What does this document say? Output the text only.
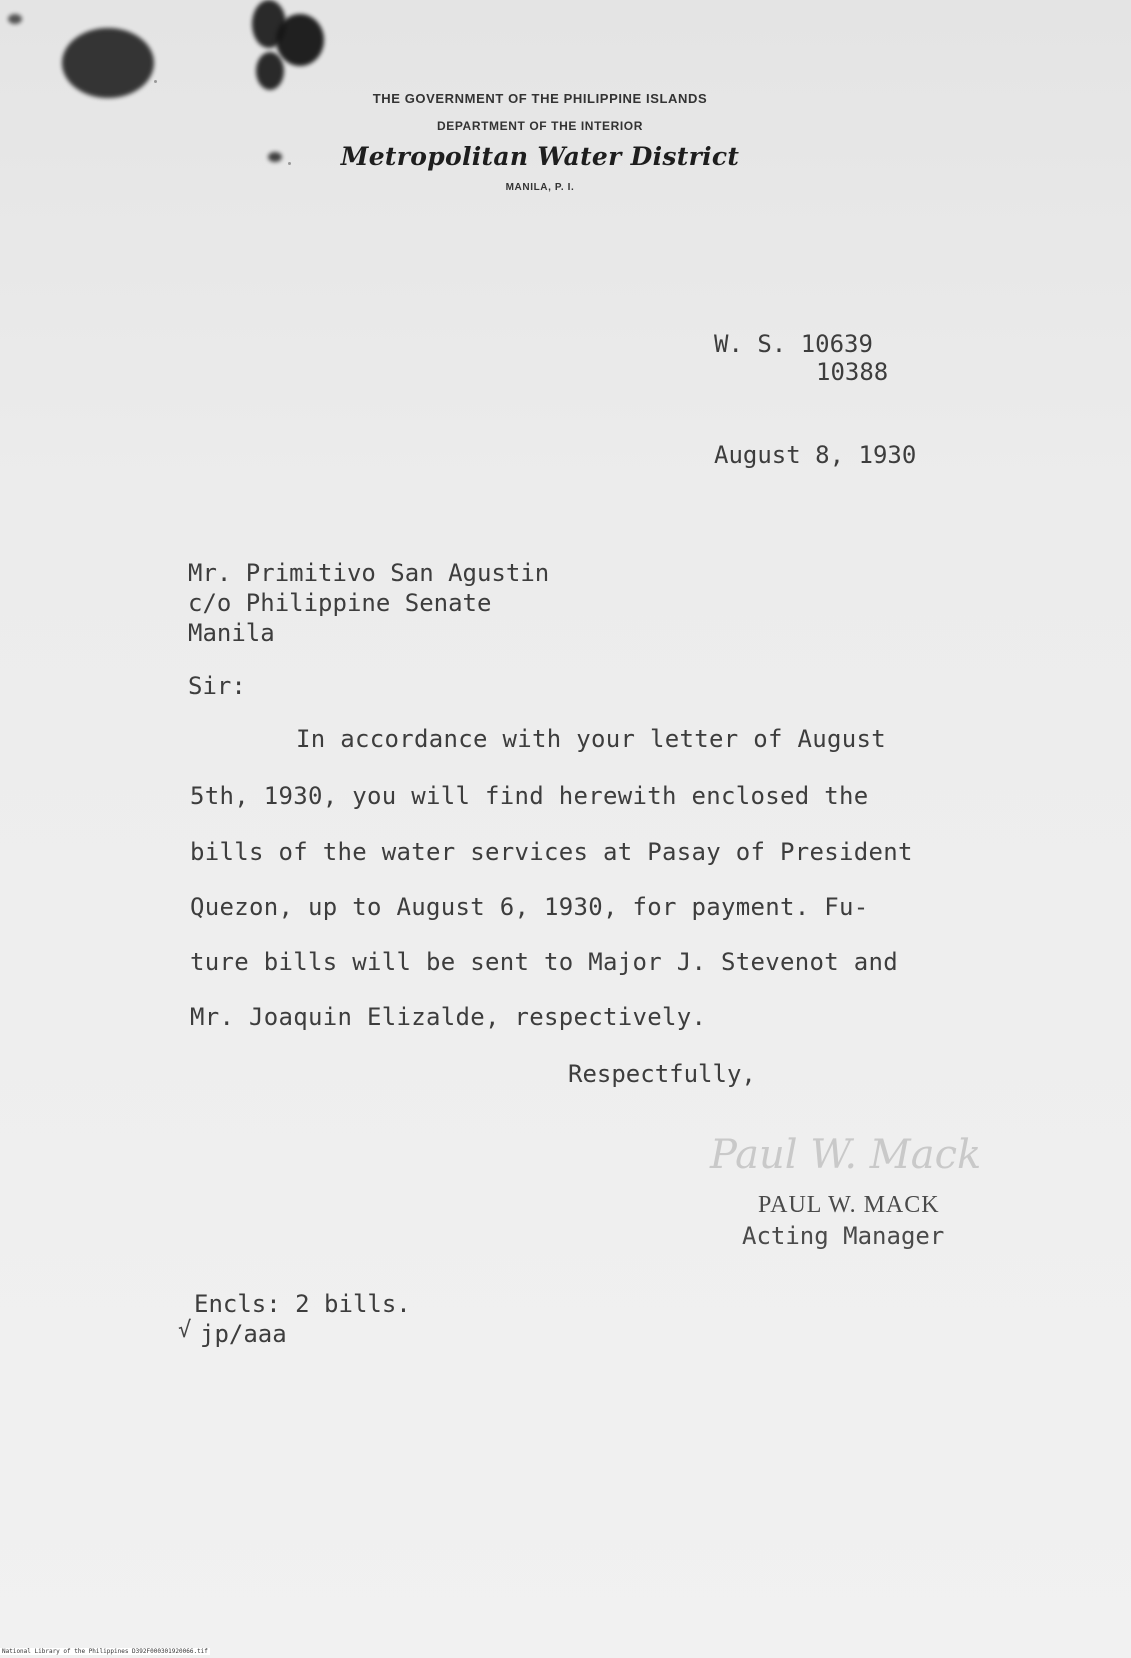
THE GOVERNMENT OF THE PHILIPPINE ISLANDS
DEPARTMENT OF THE INTERIOR
Metropolitan Water District
MANILA, P. I.
W. S. 10639
10388
August 8, 1930
Mr. Primitivo San Agustin
c/o Philippine Senate
Manila
Sir:
In accordance with your letter of August
5th, 1930, you will find herewith enclosed the
bills of the water services at Pasay of President
Quezon, up to August 6, 1930, for payment. Fu-
ture bills will be sent to Major J. Stevenot and
Mr. Joaquin Elizalde, respectively.
Respectfully,
Paul W. Mack
PAUL W. MACK
Acting Manager
Encls: 2 bills.
√ jp/aaa
National Library of the Philippines D392F000301920066.tif
